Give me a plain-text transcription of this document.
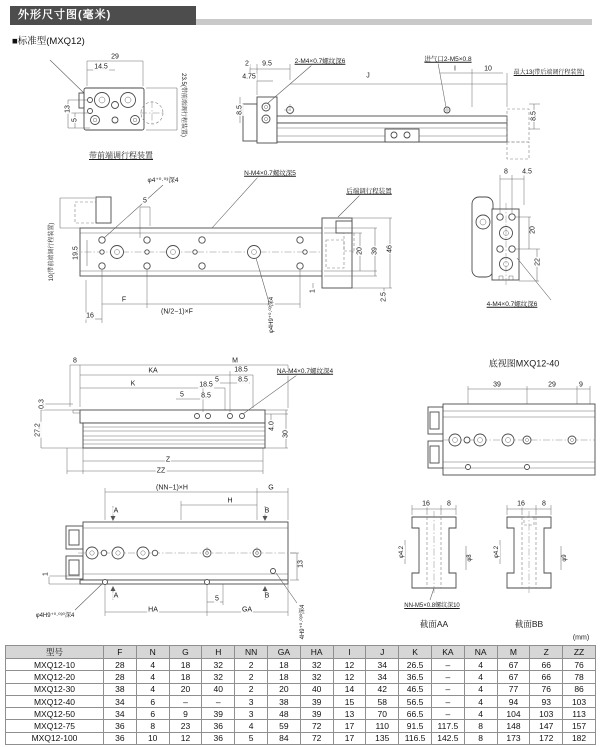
外形尺寸图(毫米)
■标准型(MXQ12)
29
14.5
13
5	23.5(带前端调行程装置)
带前端调行程装置
2 9.5
4.75
2-M4×0.7螺纹深6
J
进气口2-M5×0.8
I	10
最大13(带后端调行程装置)
8.5
8.5
φ4⁺⁰·⁰³深4
5
N-M4×0.7螺纹深5
后端调行程装置
10(带前端调行程装置)	19.5
F
16
(N/2−1)×F
20 39 46
1
2.5
φ4H9⁺⁰·⁰³深4
8 4.5
20
22
4-M4×0.7螺纹深6
8	M
KA	18.5
5	8.5
K	18.5
5 8.5
NA-M4×0.7螺纹深4
0.3
27.2	4.0
30
Z
ZZ
底视图MXQ12-40
39	29	9
(NN−1)×H	G
H
A	B
13
1
A	B
5
HA	GA
φ4H9⁺⁰·⁰³⁰深4	4H9⁺⁰·⁰³⁰深4
16 8	16 8
φ4.2	φ8	φ4.2	φ9
NN-M5×0.8螺纹深10
截面AA	截面BB
(mm)
型号	F	N	G	H	NN	GA	HA	I	J	K	KA	NA	M	Z	ZZ
MXQ12-10	28	4	18	32	2	18	32	12	34	26.5	–	4	67	66	76
MXQ12-20	28	4	18	32	2	18	32	12	34	36.5	–	4	67	66	78
MXQ12-30	38	4	20	40	2	20	40	14	42	46.5	–	4	77	76	86
MXQ12-40	34	6	–	–	3	38	39	15	58	56.5	–	4	94	93	103
MXQ12-50	34	6	9	39	3	48	39	13	70	66.5	–	4	104	103	113
MXQ12-75	36	8	23	36	4	59	72	17	110	91.5	117.5	8	148	147	157
MXQ12-100	36	10	12	36	5	84	72	17	135	116.5	142.5	8	173	172	182
